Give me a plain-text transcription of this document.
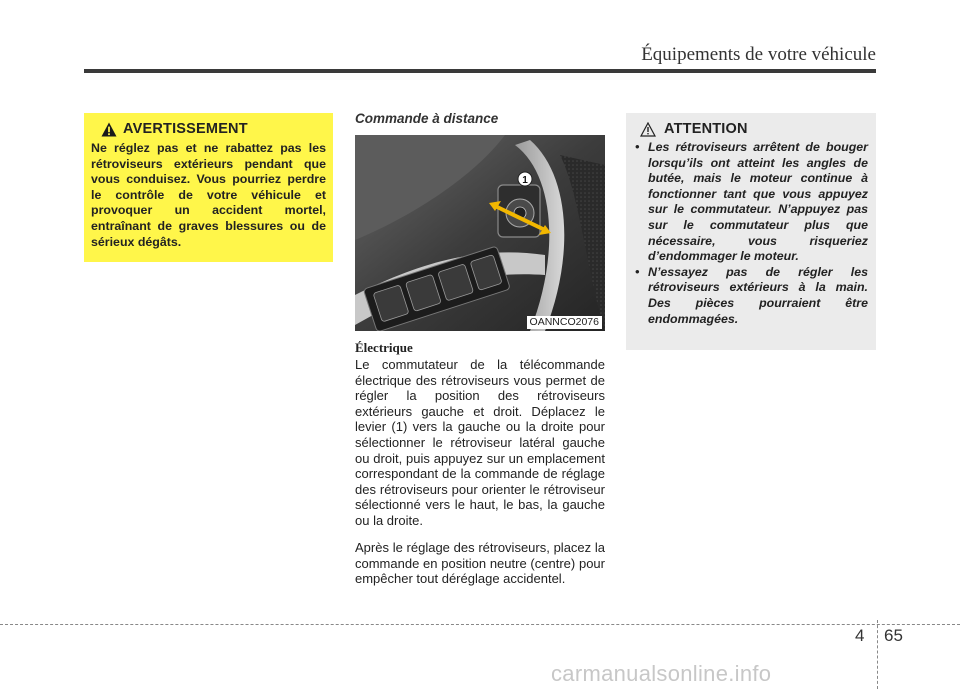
Équipements de votre véhicule
AVERTISSEMENT
Ne réglez pas et ne rabattez pas les rétroviseurs extérieurs pendant que vous conduisez. Vous pourriez perdre le contrôle de votre véhicule et provoquer un accident mortel, entraînant de graves blessures ou de sérieux dégâts.
Commande à distance
1
OANNCO2076
Électrique

Le commutateur de la télécommande électrique des rétroviseurs vous permet de régler la position des rétroviseurs extérieurs gauche et droit. Déplacez le levier (1) vers la gauche ou la droite pour sélectionner le rétroviseur latéral gauche ou droit, puis appuyez sur un emplacement correspondant de la commande de réglage des rétroviseurs pour orienter le rétroviseur sélectionné vers le haut, le bas, la gauche ou la droite.

Après le réglage des rétroviseurs, placez la commande en position neutre (centre) pour empêcher tout déréglage accidentel.

ATTENTION
• Les rétroviseurs arrêtent de bouger lorsqu’ils ont atteint les angles de butée, mais le moteur continue à fonctionner tant que vous appuyez sur le commutateur. N’appuyez pas sur le commutateur plus que nécessaire, vous risqueriez d’endommager le moteur.
• N’essayez pas de régler les rétroviseurs extérieurs à la main. Des pièces pourraient être endommagées.
4 65
carmanualsonline.info
